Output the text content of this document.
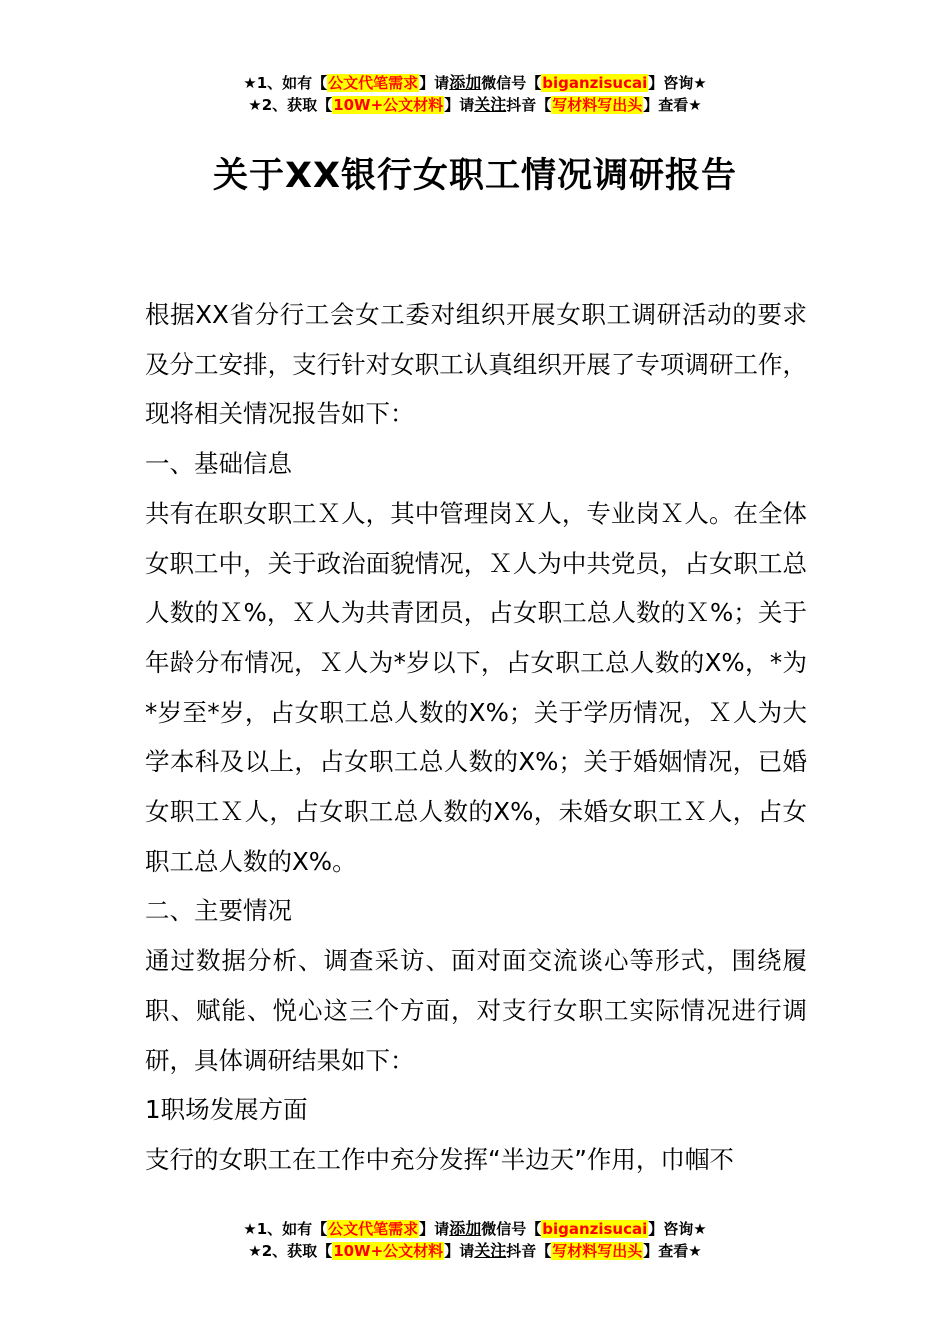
★1、如有【公文代笔需求】请添加微信号【biganzisucai】咨询★
★2、获取【10W+公文材料】请关注抖音【写材料写出头】查看★
关于XX银行女职工情况调研报告

根据XX省分行工会女工委对组织开展女职工调研活动的要求及分工安排，支行针对女职工认真组织开展了专项调研工作，现将相关情况报告如下：

一、基础信息

共有在职女职工Ｘ人，其中管理岗Ｘ人，专业岗Ｘ人。在全体女职工中，关于政治面貌情况，Ｘ人为中共党员，占女职工总人数的Ｘ%，Ｘ人为共青团员，占女职工总人数的Ｘ%；关于年龄分布情况，Ｘ人为*岁以下，占女职工总人数的X%，*为*岁至*岁，占女职工总人数的X%；关于学历情况，Ｘ人为大学本科及以上，占女职工总人数的X%；关于婚姻情况，已婚女职工Ｘ人，占女职工总人数的X%，未婚女职工Ｘ人，占女职工总人数的X%。

二、主要情况

通过数据分析、调查采访、面对面交流谈心等形式，围绕履职、赋能、悦心这三个方面，对支行女职工实际情况进行调研，具体调研结果如下：

1职场发展方面

支行的女职工在工作中充分发挥“半边天”作用，巾帼不

★1、如有【公文代笔需求】请添加微信号【biganzisucai】咨询★
★2、获取【10W+公文材料】请关注抖音【写材料写出头】查看★
